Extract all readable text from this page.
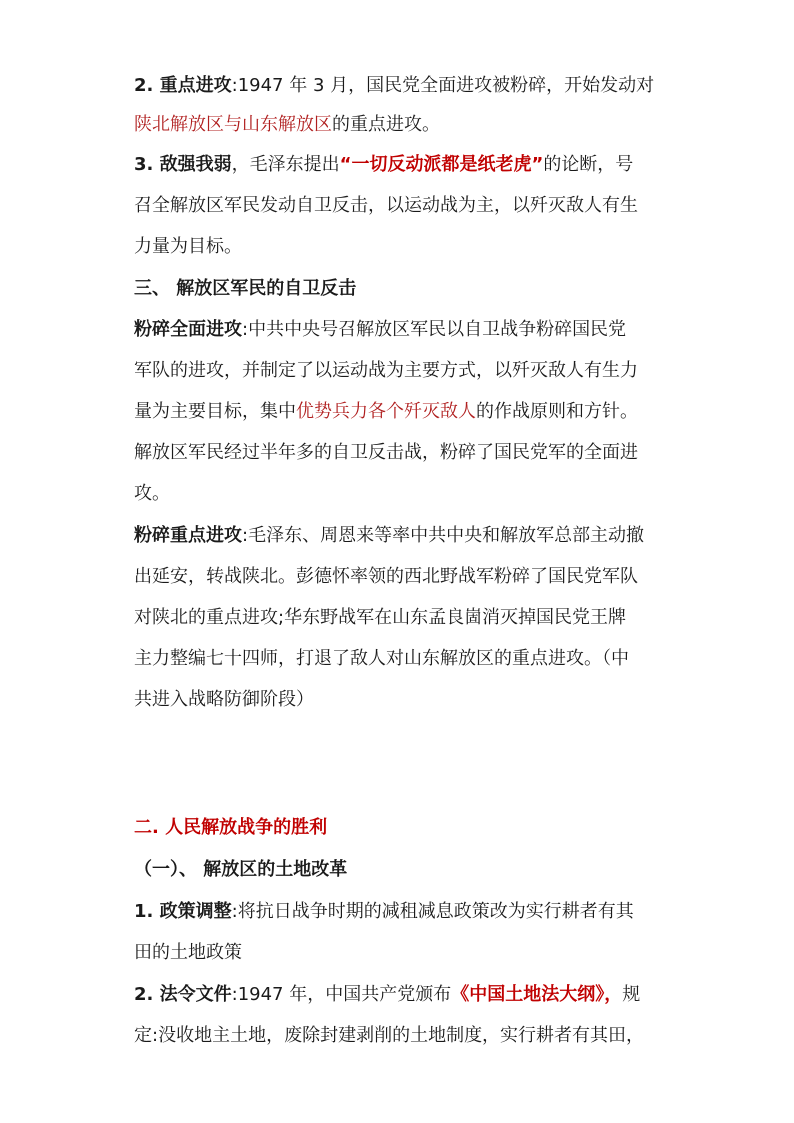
2. 重点进攻:1947 年 3 月，国民党全面进攻被粉碎，开始发动对
陕北解放区与山东解放区的重点进攻。
3. 敌强我弱，毛泽东提出“一切反动派都是纸老虎”的论断，号
召全解放区军民发动自卫反击，以运动战为主，以歼灭敌人有生
力量为目标。
三、 解放区军民的自卫反击
粉碎全面进攻:中共中央号召解放区军民以自卫战争粉碎国民党
军队的进攻，并制定了以运动战为主要方式，以歼灭敌人有生力
量为主要目标，集中优势兵力各个歼灭敌人的作战原则和方针。
解放区军民经过半年多的自卫反击战，粉碎了国民党军的全面进
攻。
粉碎重点进攻:毛泽东、周恩来等率中共中央和解放军总部主动撤
出延安，转战陕北。彭德怀率领的西北野战军粉碎了国民党军队
对陕北的重点进攻;华东野战军在山东孟良崮消灭掉国民党王牌
主力整编七十四师，打退了敌人对山东解放区的重点进攻。（中
共进入战略防御阶段）
二. 人民解放战争的胜利
（一）、 解放区的土地改革
1. 政策调整:将抗日战争时期的减租减息政策改为实行耕者有其
田的土地政策
2. 法令文件:1947 年，中国共产党颁布《中国土地法大纲》，规
定:没收地主土地，废除封建剥削的土地制度，实行耕者有其田，
